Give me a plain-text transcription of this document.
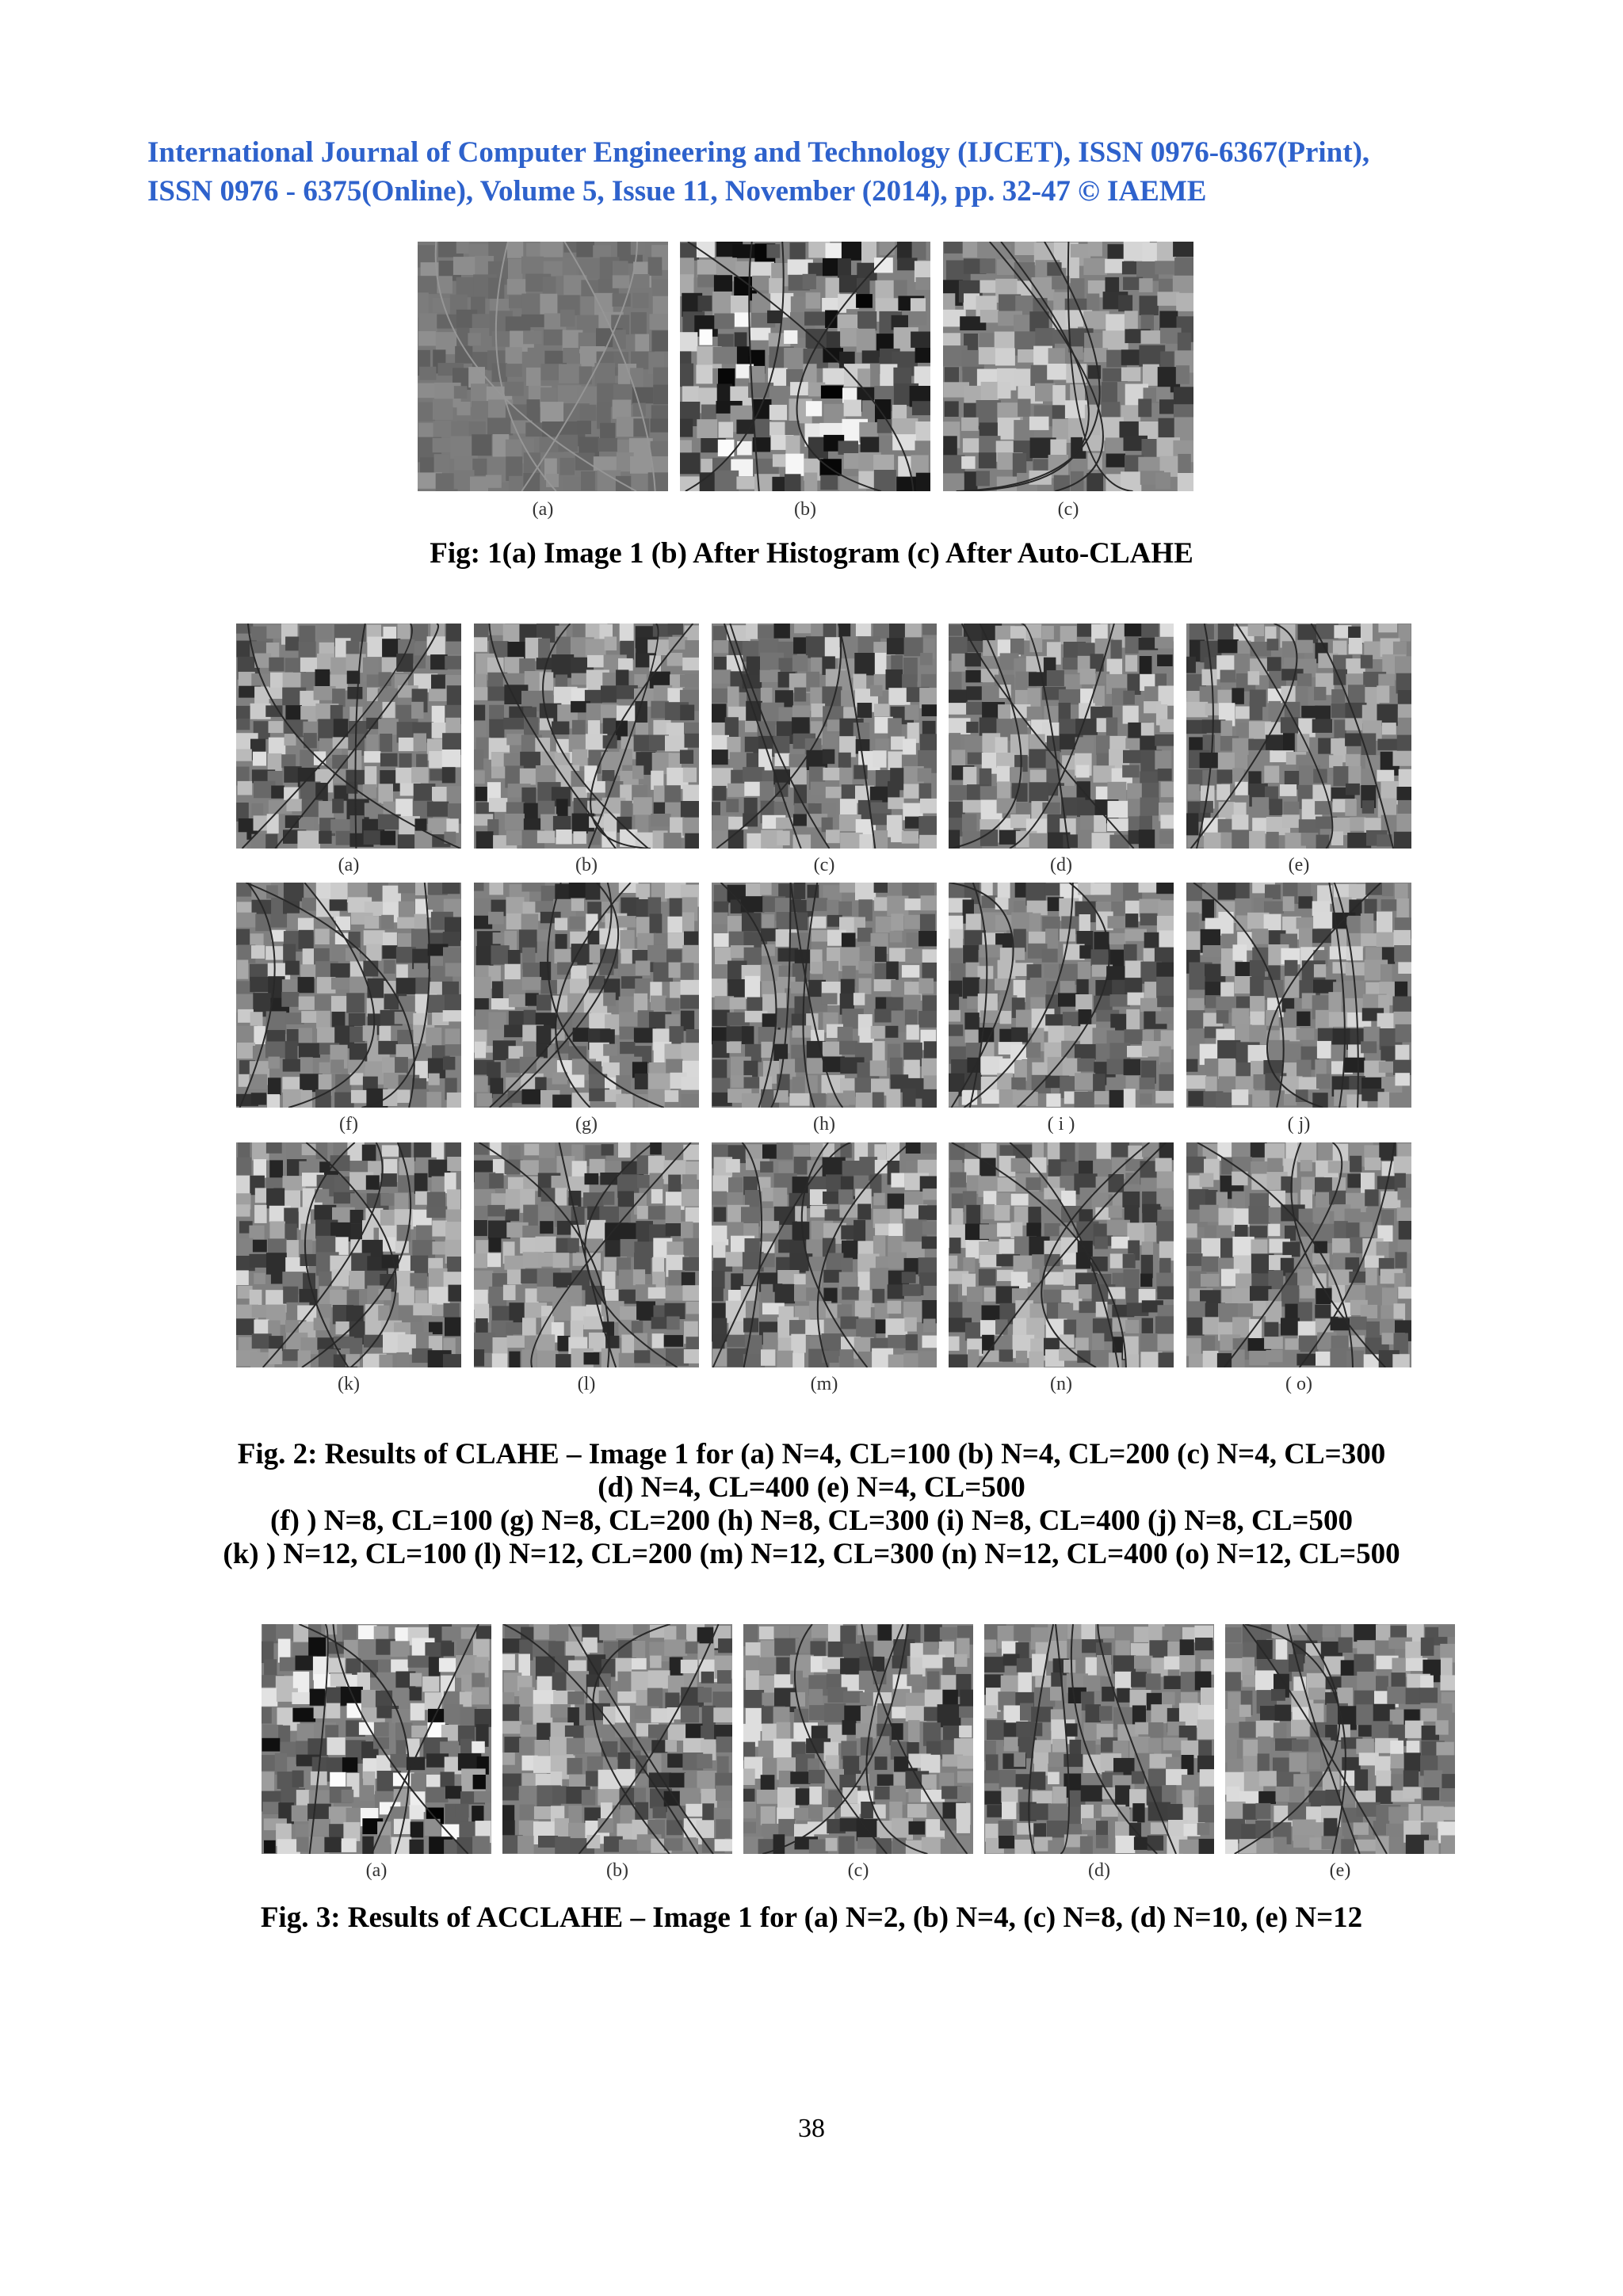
International Journal of Computer Engineering and Technology (IJCET), ISSN 0976-6367(Print),
ISSN 0976 - 6375(Online), Volume 5, Issue 11, November (2014), pp. 32-47 © IAEME
(a)	(b)	(c)
Fig: 1(a) Image 1 (b) After Histogram (c) After Auto-CLAHE
(a)	(b)	(c)	(d)	(e)
(f)	(g)	(h)	( i )	( j)
(k)	(l)	(m)	(n)	( o)
Fig. 2: Results of CLAHE – Image 1 for (a) N=4, CL=100 (b) N=4, CL=200 (c) N=4, CL=300
(d) N=4, CL=400 (e) N=4, CL=500
(f) ) N=8, CL=100 (g) N=8, CL=200 (h) N=8, CL=300 (i) N=8, CL=400 (j) N=8, CL=500
(k) ) N=12, CL=100 (l) N=12, CL=200 (m) N=12, CL=300 (n) N=12, CL=400 (o) N=12, CL=500
(a)	(b)	(c)	(d)	(e)
Fig. 3: Results of ACCLAHE – Image 1 for (a) N=2, (b) N=4, (c) N=8, (d) N=10, (e) N=12
38
